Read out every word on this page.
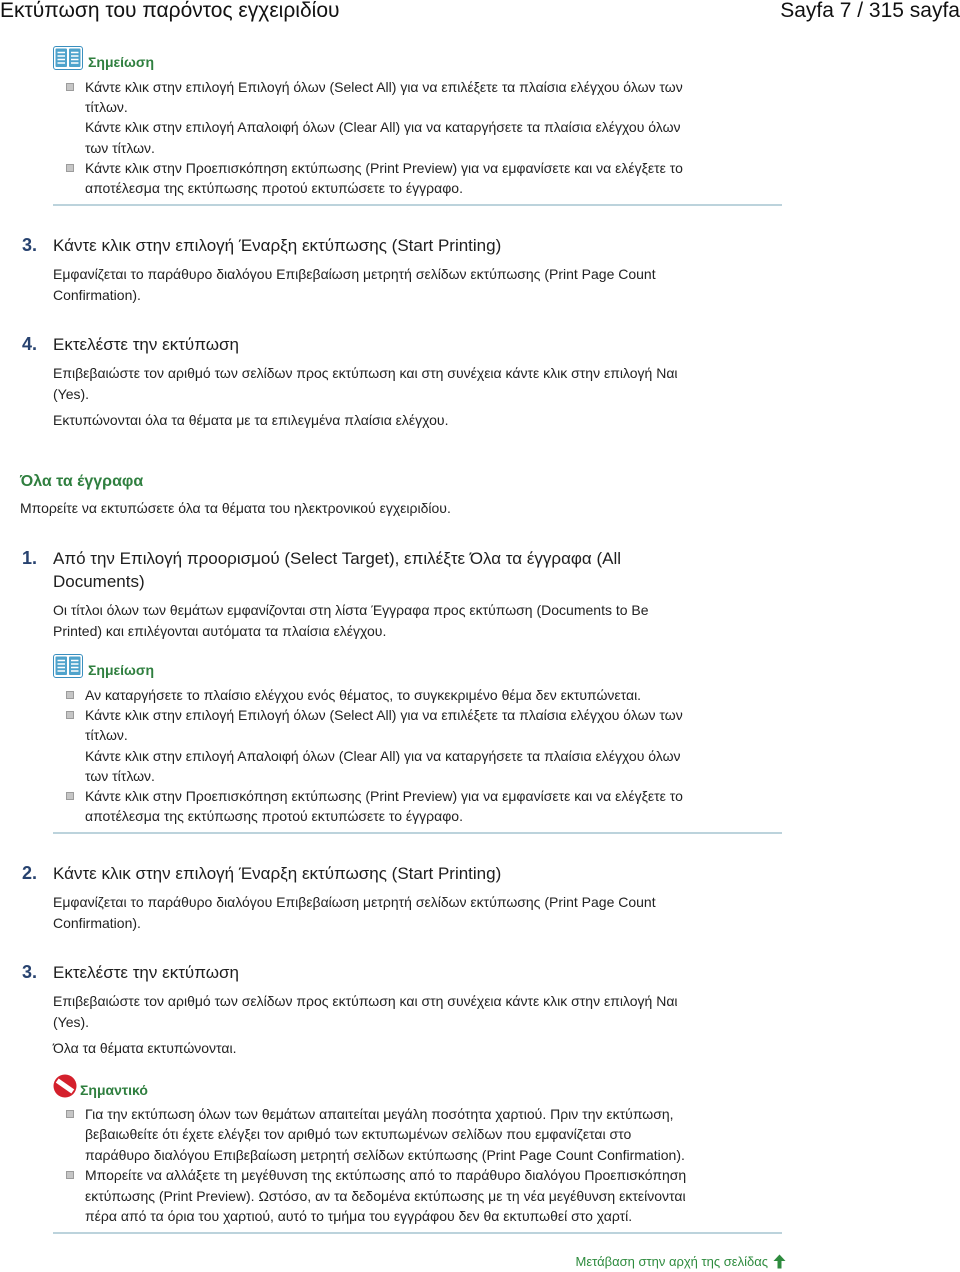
Εκτύπωση του παρόντος εγχειριδίου	Sayfa 7 / 315 sayfa
Σημείωση
Κάντε κλικ στην επιλογή Επιλογή όλων (Select All) για να επιλέξετε τα πλαίσια ελέγχου όλων των
τίτλων.
Κάντε κλικ στην επιλογή Απαλοιφή όλων (Clear All) για να καταργήσετε τα πλαίσια ελέγχου όλων
των τίτλων.
Κάντε κλικ στην Προεπισκόπηση εκτύπωσης (Print Preview) για να εμφανίσετε και να ελέγξετε το
αποτέλεσμα της εκτύπωσης προτού εκτυπώσετε το έγγραφο.
3. Κάντε κλικ στην επιλογή Έναρξη εκτύπωσης (Start Printing)
Εμφανίζεται το παράθυρο διαλόγου Επιβεβαίωση μετρητή σελίδων εκτύπωσης (Print Page Count
Confirmation).
4. Εκτελέστε την εκτύπωση
Επιβεβαιώστε τον αριθμό των σελίδων προς εκτύπωση και στη συνέχεια κάντε κλικ στην επιλογή Ναι
(Yes).
Εκτυπώνονται όλα τα θέματα με τα επιλεγμένα πλαίσια ελέγχου.
Όλα τα έγγραφα
Μπορείτε να εκτυπώσετε όλα τα θέματα του ηλεκτρονικού εγχειριδίου.
1. Από την Επιλογή προορισμού (Select Target), επιλέξτε Όλα τα έγγραφα (All
Documents)
Οι τίτλοι όλων των θεμάτων εμφανίζονται στη λίστα Έγγραφα προς εκτύπωση (Documents to Be
Printed) και επιλέγονται αυτόματα τα πλαίσια ελέγχου.
Σημείωση
Αν καταργήσετε το πλαίσιο ελέγχου ενός θέματος, το συγκεκριμένο θέμα δεν εκτυπώνεται.
Κάντε κλικ στην επιλογή Επιλογή όλων (Select All) για να επιλέξετε τα πλαίσια ελέγχου όλων των
τίτλων.
Κάντε κλικ στην επιλογή Απαλοιφή όλων (Clear All) για να καταργήσετε τα πλαίσια ελέγχου όλων
των τίτλων.
Κάντε κλικ στην Προεπισκόπηση εκτύπωσης (Print Preview) για να εμφανίσετε και να ελέγξετε το
αποτέλεσμα της εκτύπωσης προτού εκτυπώσετε το έγγραφο.
2. Κάντε κλικ στην επιλογή Έναρξη εκτύπωσης (Start Printing)
Εμφανίζεται το παράθυρο διαλόγου Επιβεβαίωση μετρητή σελίδων εκτύπωσης (Print Page Count
Confirmation).
3. Εκτελέστε την εκτύπωση
Επιβεβαιώστε τον αριθμό των σελίδων προς εκτύπωση και στη συνέχεια κάντε κλικ στην επιλογή Ναι
(Yes).
Όλα τα θέματα εκτυπώνονται.
Σημαντικό
Για την εκτύπωση όλων των θεμάτων απαιτείται μεγάλη ποσότητα χαρτιού. Πριν την εκτύπωση,
βεβαιωθείτε ότι έχετε ελέγξει τον αριθμό των εκτυπωμένων σελίδων που εμφανίζεται στο
παράθυρο διαλόγου Επιβεβαίωση μετρητή σελίδων εκτύπωσης (Print Page Count Confirmation).
Μπορείτε να αλλάξετε τη μεγέθυνση της εκτύπωσης από το παράθυρο διαλόγου Προεπισκόπηση
εκτύπωσης (Print Preview). Ωστόσο, αν τα δεδομένα εκτύπωσης με τη νέα μεγέθυνση εκτείνονται
πέρα από τα όρια του χαρτιού, αυτό το τμήμα του εγγράφου δεν θα εκτυπωθεί στο χαρτί.
Μετάβαση στην αρχή της σελίδας
